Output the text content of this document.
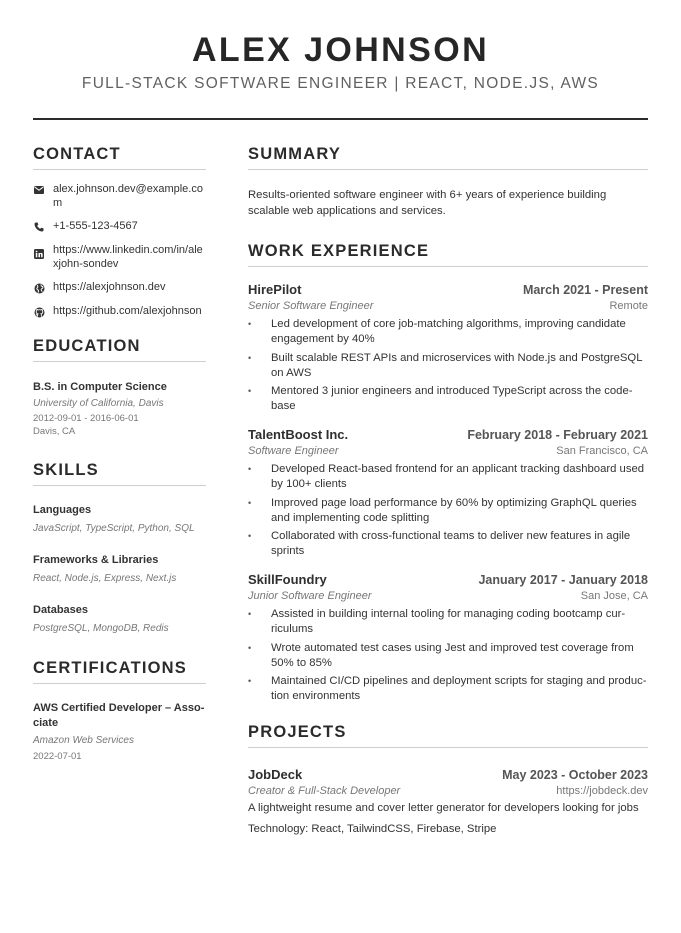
ALEX JOHNSON
FULL-STACK SOFTWARE ENGINEER | REACT, NODE.JS, AWS
CONTACT
alex.johnson.dev@example.com
+1-555-123-4567
https://www.linkedin.com/in/alexjohn-sondev
https://alexjohnson.dev
https://github.com/alexjohnson
EDUCATION
B.S. in Computer Science
University of California, Davis
2012-09-01 - 2016-06-01
Davis, CA
SKILLS
Languages
JavaScript, TypeScript, Python, SQL
Frameworks & Libraries
React, Node.js, Express, Next.js
Databases
PostgreSQL, MongoDB, Redis
CERTIFICATIONS
AWS Certified Developer – Asso-ciate
Amazon Web Services
2022-07-01
SUMMARY
Results-oriented software engineer with 6+ years of experience building scalable web applications and services.
WORK EXPERIENCE
HirePilot	March 2021 - Present
Senior Software Engineer	Remote
• Led development of core job-matching algorithms, improving candidate engagement by 40%
• Built scalable REST APIs and microservices with Node.js and PostgreSQL on AWS
• Mentored 3 junior engineers and introduced TypeScript across the code-base
TalentBoost Inc.	February 2018 - February 2021
Software Engineer	San Francisco, CA
• Developed React-based frontend for an applicant tracking dashboard used by 100+ clients
• Improved page load performance by 60% by optimizing GraphQL queries and implementing code splitting
• Collaborated with cross-functional teams to deliver new features in agile sprints
SkillFoundry	January 2017 - January 2018
Junior Software Engineer	San Jose, CA
• Assisted in building internal tooling for managing coding bootcamp cur-riculums
• Wrote automated test cases using Jest and improved test coverage from 50% to 85%
• Maintained CI/CD pipelines and deployment scripts for staging and produc-tion environments
PROJECTS
JobDeck	May 2023 - October 2023
Creator & Full-Stack Developer	https://jobdeck.dev
A lightweight resume and cover letter generator for developers looking for jobs
Technology: React, TailwindCSS, Firebase, Stripe
